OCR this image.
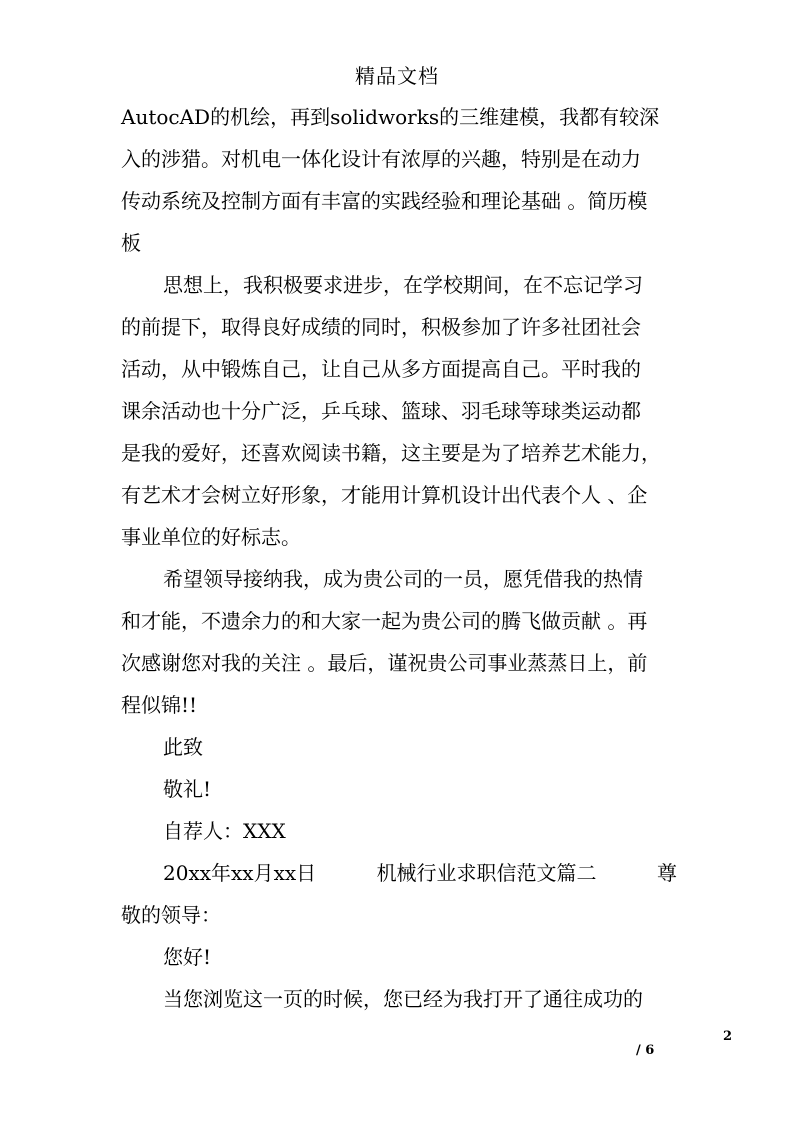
精品文档
AutocAD的机绘，再到solidworks的三维建模，我都有较深
入的涉猎。对机电一体化设计有浓厚的兴趣，特别是在动力
传动系统及控制方面有丰富的实践经验和理论基础 。简历模
板
思想上，我积极要求进步，在学校期间，在不忘记学习
的前提下，取得良好成绩的同时，积极参加了许多社团社会
活动，从中锻炼自己，让自己从多方面提高自己。平时我的
课余活动也十分广泛，乒乓球、篮球、羽毛球等球类运动都
是我的爱好，还喜欢阅读书籍，这主要是为了培养艺术能力，
有艺术才会树立好形象，才能用计算机设计出代表个人 、企
事业单位的好标志。
希望领导接纳我，成为贵公司的一员，愿凭借我的热情
和才能，不遗余力的和大家一起为贵公司的腾飞做贡献 。再
次感谢您对我的关注 。最后，谨祝贵公司事业蒸蒸日上，前
程似锦!!
此致
敬礼!
自荐人：XXX
20xx年xx月xx日	机械行业求职信范文篇二	尊
敬的领导：
您好!
当您浏览这一页的时候，您已经为我打开了通往成功的
2
/ 6
